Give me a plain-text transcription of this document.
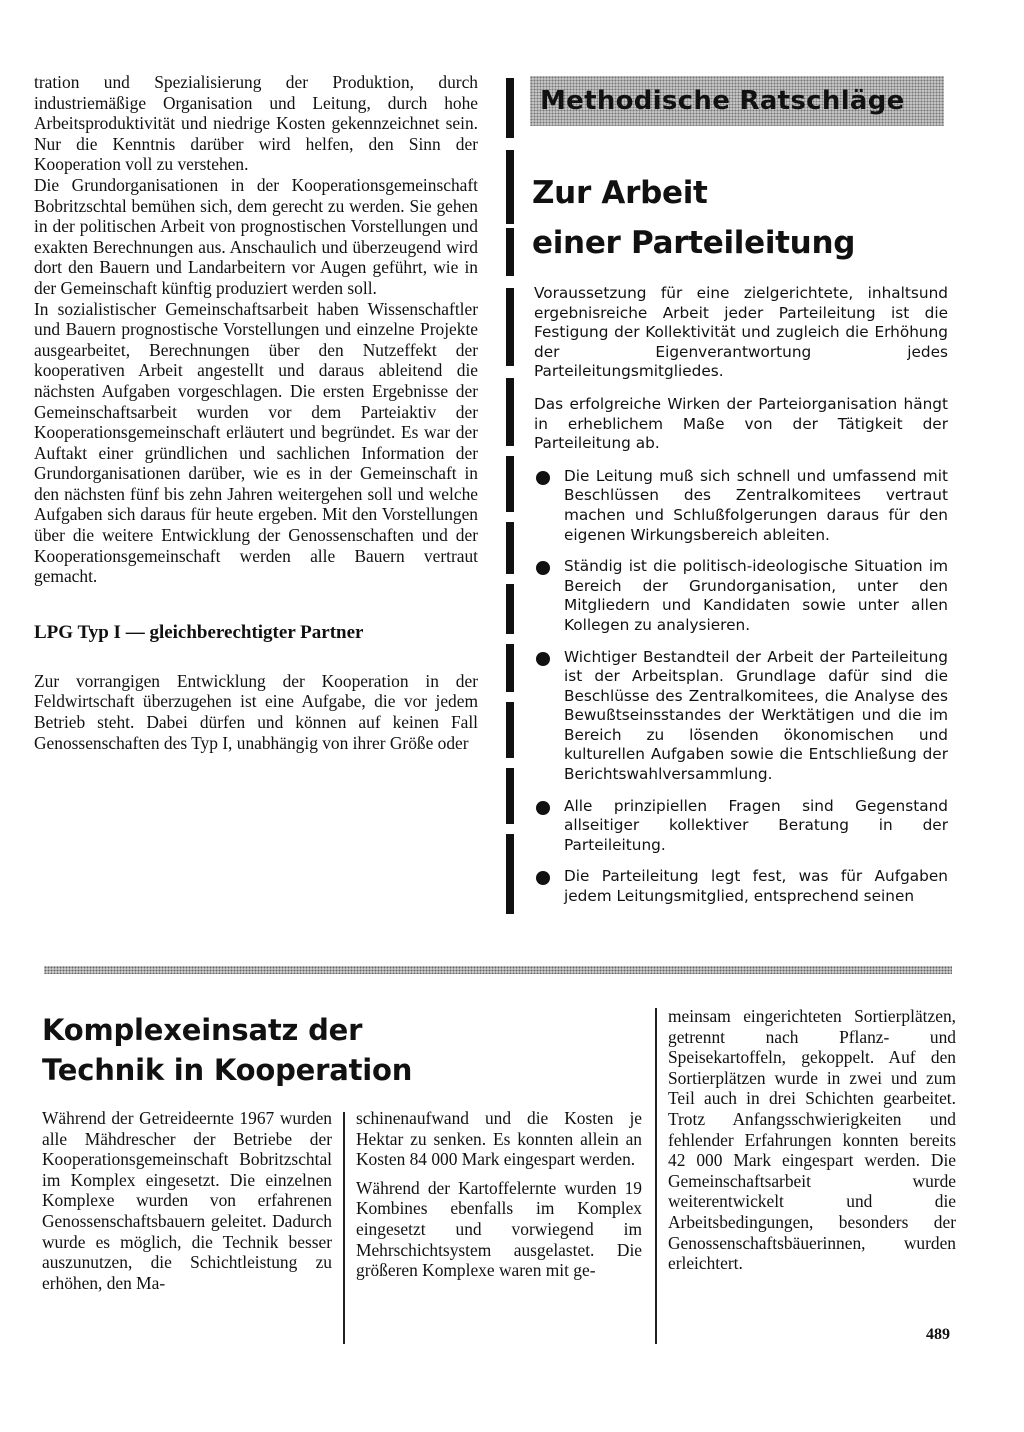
tration und Spezialisierung der Produktion, durch industriemäßige Organisation und Leitung, durch hohe Arbeitsproduktivität und niedrige Kosten gekennzeichnet sein. Nur die Kenntnis darüber wird helfen, den Sinn der Kooperation voll zu verstehen.

Die Grundorganisationen in der Kooperationsgemeinschaft Bobritzschtal bemühen sich, dem gerecht zu werden. Sie gehen in der politischen Arbeit von prognostischen Vorstellungen und exakten Berechnungen aus. Anschaulich und überzeugend wird dort den Bauern und Landarbeitern vor Augen geführt, wie in der Gemeinschaft künftig produziert werden soll.

In sozialistischer Gemeinschaftsarbeit haben Wissenschaftler und Bauern prognostische Vorstellungen und einzelne Projekte ausgearbeitet, Berechnungen über den Nutzeffekt der kooperativen Arbeit angestellt und daraus ableitend die nächsten Aufgaben vorgeschlagen. Die ersten Ergebnisse der Gemeinschaftsarbeit wurden vor dem Parteiaktiv der Kooperationsgemeinschaft erläutert und begründet. Es war der Auftakt einer gründlichen und sachlichen Information der Grundorganisationen darüber, wie es in der Gemeinschaft in den nächsten fünf bis zehn Jahren weitergehen soll und welche Aufgaben sich daraus für heute ergeben. Mit den Vorstellungen über die weitere Entwicklung der Genossenschaften und der Kooperationsgemeinschaft werden alle Bauern vertraut gemacht.

LPG Typ I — gleichberechtigter Partner

Zur vorrangigen Entwicklung der Kooperation in der Feldwirtschaft überzugehen ist eine Aufgabe, die vor jedem Betrieb steht. Dabei dürfen und können auf keinen Fall Genossenschaften des Typ I, unabhängig von ihrer Größe oder

Methodische Ratschläge
Zur Arbeit
einer Parteileitung

Voraussetzung für eine zielgerichtete, inhaltsund ergebnisreiche Arbeit jeder Parteileitung ist die Festigung der Kollektivität und zugleich die Erhöhung der Eigenverantwortung jedes Parteileitungsmitgliedes.

Das erfolgreiche Wirken der Parteiorganisation hängt in erheblichem Maße von der Tätigkeit der Parteileitung ab.

Die Leitung muß sich schnell und umfassend mit Beschlüssen des Zentralkomitees vertraut machen und Schlußfolgerungen daraus für den eigenen Wirkungsbereich ableiten.
Ständig ist die politisch-ideologische Situation im Bereich der Grundorganisation, unter den Mitgliedern und Kandidaten sowie unter allen Kollegen zu analysieren.
Wichtiger Bestandteil der Arbeit der Parteileitung ist der Arbeitsplan. Grundlage dafür sind die Beschlüsse des Zentralkomitees, die Analyse des Bewußtseinsstandes der Werktätigen und die im Bereich zu lösenden ökonomischen und kulturellen Aufgaben sowie die Entschließung der Berichtswahlversammlung.
Alle prinzipiellen Fragen sind Gegenstand allseitiger kollektiver Beratung in der Parteileitung.
Die Parteileitung legt fest, was für Aufgaben jedem Leitungsmitglied, entsprechend seinen
Komplexeinsatz der
Technik in Kooperation

Während der Getreideernte 1967 wurden alle Mähdrescher der Betriebe der Kooperationsgemeinschaft Bobritzschtal im Komplex eingesetzt. Die einzelnen Komplexe wurden von erfahrenen Genossenschaftsbauern geleitet. Dadurch wurde es möglich, die Technik besser auszunutzen, die Schichtleistung zu erhöhen, den Ma-

schinenaufwand und die Kosten je Hektar zu senken. Es konnten allein an Kosten 84 000 Mark eingespart werden.

Während der Kartoffelernte wurden 19 Kombines ebenfalls im Komplex eingesetzt und vorwiegend im Mehrschichtsystem ausgelastet. Die größeren Komplexe waren mit ge-

meinsam eingerichteten Sortierplätzen, getrennt nach Pflanz- und Speisekartoffeln, gekoppelt. Auf den Sortierplätzen wurde in zwei und zum Teil auch in drei Schichten gearbeitet. Trotz Anfangsschwierigkeiten und fehlender Erfahrungen konnten bereits 42 000 Mark eingespart werden. Die Gemeinschaftsarbeit wurde weiterentwickelt und die Arbeitsbedingungen, besonders der Genossenschaftsbäuerinnen, wurden erleichtert.

489
